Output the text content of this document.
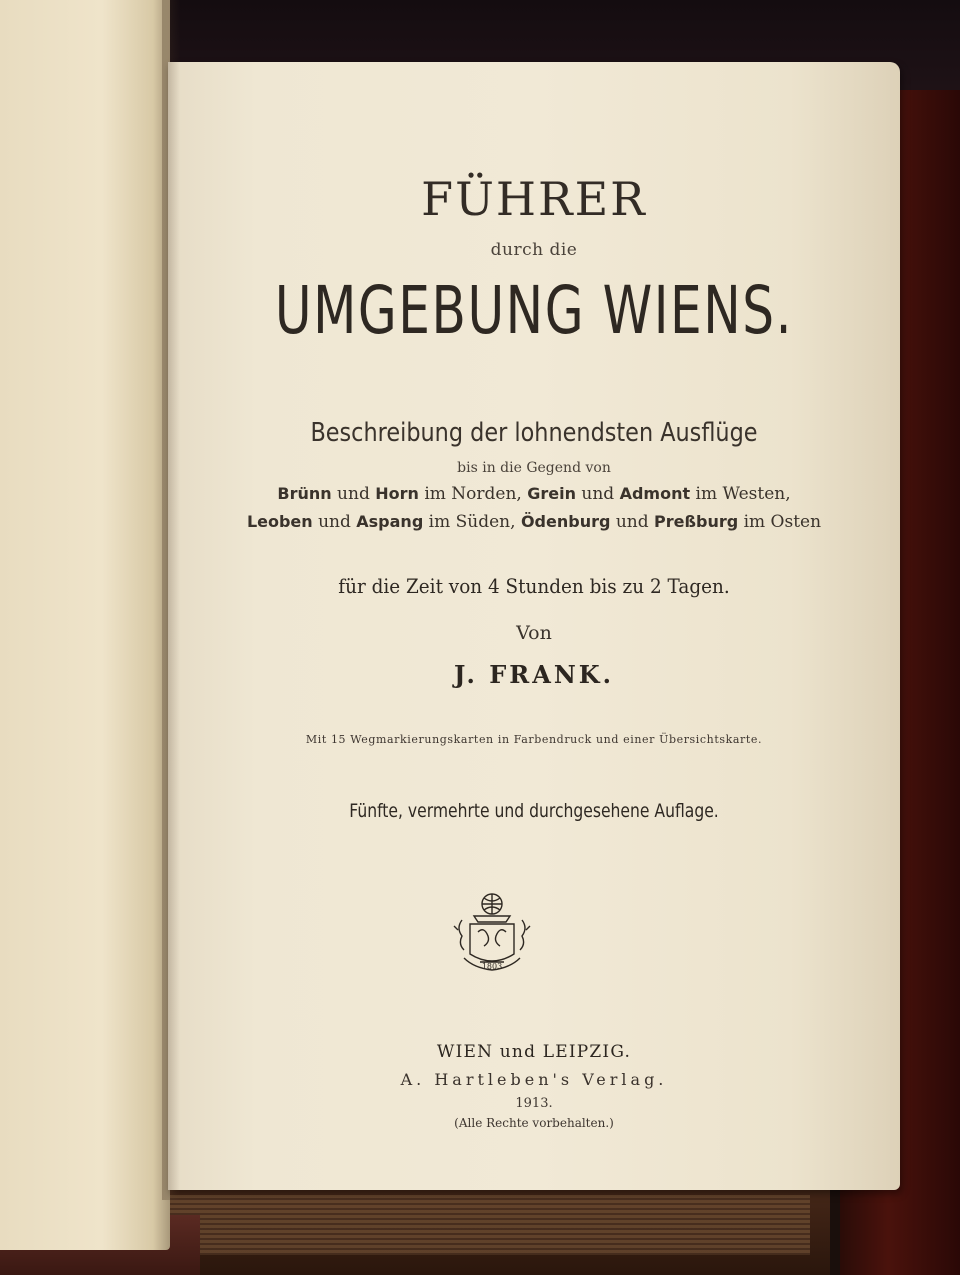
FÜHRER
durch die
UMGEBUNG WIENS.
Beschreibung der lohnendsten Ausflüge
bis in die Gegend von
Brünn und Horn im Norden, Grein und Admont im Westen,
Leoben und Aspang im Süden, Ödenburg und Preßburg im Osten
für die Zeit von 4 Stunden bis zu 2 Tagen.
Von
J. FRANK.
Mit 15 Wegmarkierungskarten in Farbendruck und einer Übersichtskarte.
Fünfte, vermehrte und durchgesehene Auflage.
1803
WIEN und LEIPZIG.
A. Hartleben's Verlag.
1913.
(Alle Rechte vorbehalten.)
